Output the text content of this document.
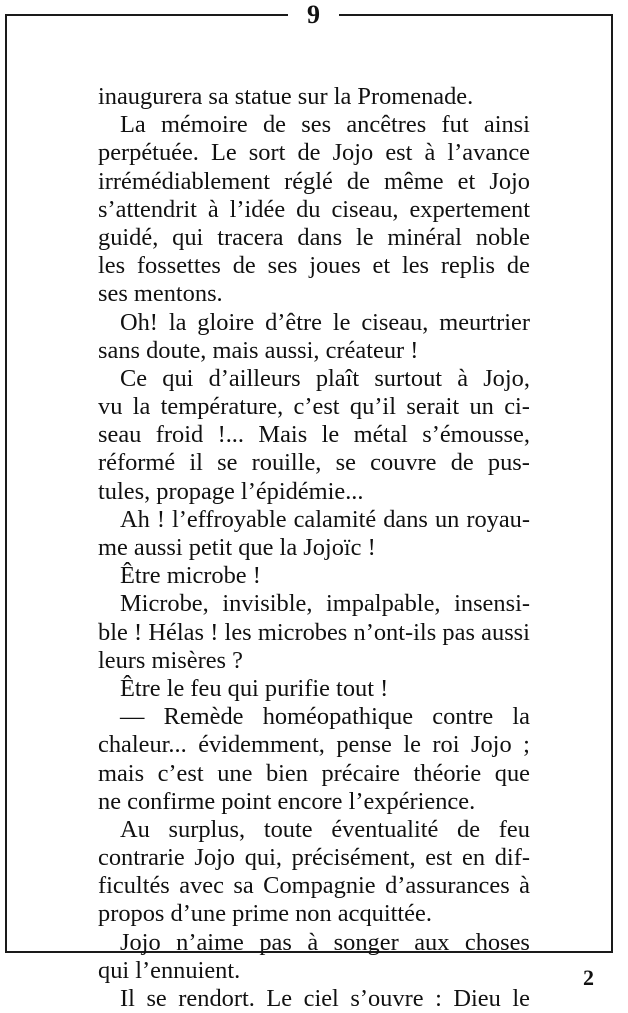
9
inaugurera sa statue sur la Promenade.
La mémoire de ses ancêtres fut ainsi
perpétuée. Le sort de Jojo est à l’avance
irrémédiablement réglé de même et Jojo
s’attendrit à l’idée du ciseau, expertement
guidé, qui tracera dans le minéral noble
les fossettes de ses joues et les replis de
ses mentons.
Oh! la gloire d’être le ciseau, meurtrier
sans doute, mais aussi, créateur !
Ce qui d’ailleurs plaît surtout à Jojo,
vu la température, c’est qu’il serait un ci-
seau froid !... Mais le métal s’émousse,
réformé il se rouille, se couvre de pus-
tules, propage l’épidémie...
Ah ! l’effroyable calamité dans un royau-
me aussi petit que la Jojoïc !
Être microbe !
Microbe, invisible, impalpable, insensi-
ble ! Hélas ! les microbes n’ont-ils pas aussi
leurs misères ?
Être le feu qui purifie tout !
— Remède homéopathique contre la
chaleur... évidemment, pense le roi Jojo ;
mais c’est une bien précaire théorie que
ne confirme point encore l’expérience.
Au surplus, toute éventualité de feu
contrarie Jojo qui, précisément, est en dif-
ficultés avec sa Compagnie d’assurances à
propos d’une prime non acquittée.
Jojo n’aime pas à songer aux choses
qui l’ennuient.
Il se rendort. Le ciel s’ouvre : Dieu le
2
